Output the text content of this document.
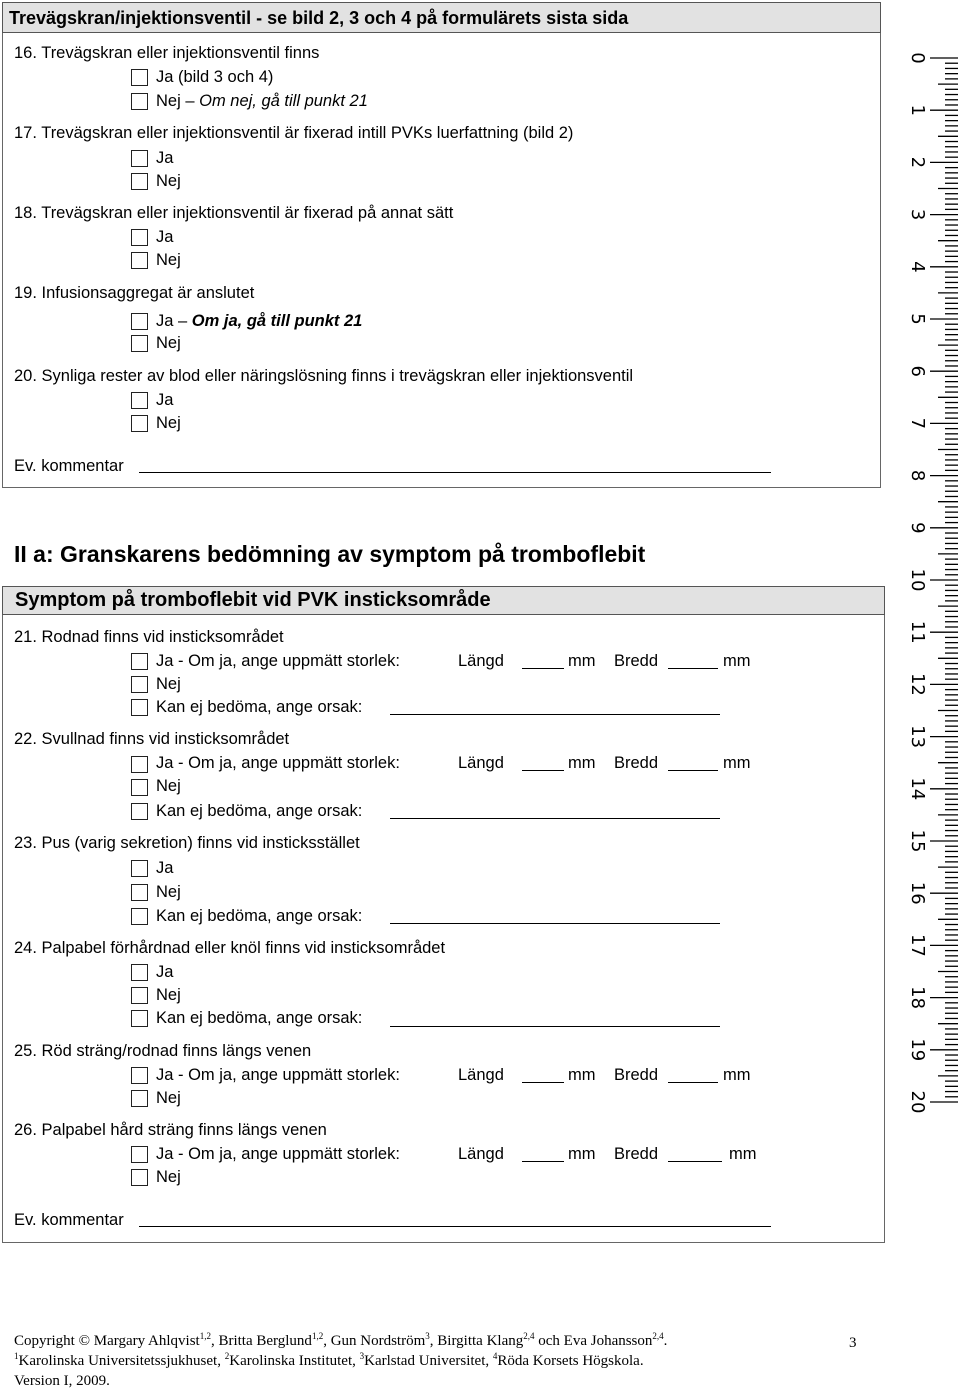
Trevägskran/injektionsventil - se bild 2, 3 och 4 på formulärets sista sida
16. Trevägskran eller injektionsventil finns
Ja (bild 3 och 4)
Nej – Om nej, gå till punkt 21
17. Trevägskran eller injektionsventil är fixerad intill PVKs luerfattning (bild 2)
Ja
Nej
18. Trevägskran eller injektionsventil är fixerad på annat sätt
Ja
Nej
19. Infusionsaggregat är anslutet
Ja – Om ja, gå till punkt 21
Nej
20. Synliga rester av blod eller näringslösning finns i trevägskran eller injektionsventil
Ja
Nej
Ev. kommentar
II a: Granskarens bedömning av symptom på tromboflebit
Symptom på tromboflebit vid PVK insticksområde
21. Rodnad finns vid insticksområdet
Ja - Om ja, ange uppmätt storlek:	Längd	mm Bredd	mm
Nej
Kan ej bedöma, ange orsak:
22. Svullnad finns vid insticksområdet
Ja - Om ja, ange uppmätt storlek:	Längd	mm Bredd	mm
Nej
Kan ej bedöma, ange orsak:
23. Pus (varig sekretion) finns vid insticksstället
Ja
Nej
Kan ej bedöma, ange orsak:
24. Palpabel förhårdnad eller knöl finns vid insticksområdet
Ja
Nej
Kan ej bedöma, ange orsak:
25. Röd sträng/rodnad finns längs venen
Ja - Om ja, ange uppmätt storlek:	Längd	mm Bredd	mm
Nej
26. Palpabel hård sträng finns längs venen
Ja - Om ja, ange uppmätt storlek:	Längd	mm Bredd	mm
Nej
Ev. kommentar
0
1
2
3
4
5
6
7
8
9
10
11
12
13
14
15
16
17
18
19
20
Copyright © Margary Ahlqvist$^{1,2}$, Britta Berglund$^{1,2}$, Gun Nordström$^3$, Birgitta Klang$^{2,4}$ och Eva Johansson$^{2,4}$.
$^1$Karolinska Universitetssjukhuset, $^2$Karolinska Institutet, $^3$Karlstad Universitet, $^4$Röda Korsets Högskola.
Version I, 2009.
3
